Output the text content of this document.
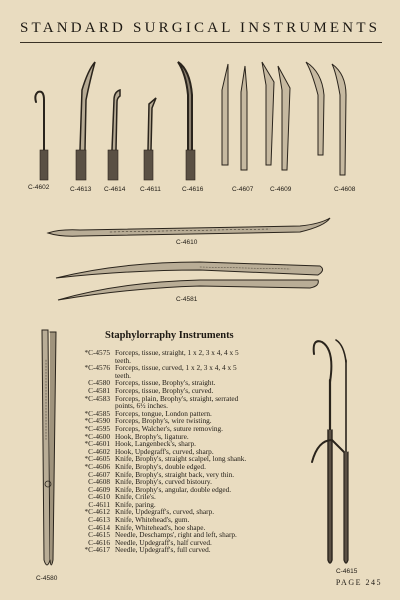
STANDARD SURGICAL INSTRUMENTS
C-4602	C-4613 C-4614 C-4611	C-4616	C-4607	C-4609	C-4608
C-4610
C-4581
C-4580
C-4615
Staphylorraphy Instruments
*C-4575 Forceps, tissue, straight, 1 x 2, 3 x 4, 4 x 5
teeth.
*C-4576 Forceps, tissue, curved, 1 x 2, 3 x 4, 4 x 5
teeth.
C-4580 Forceps, tissue, Brophy's, straight.
C-4581 Forceps, tissue, Brophy's, curved.
*C-4583 Forceps, plain, Brophy's, straight, serrated
points, 6½ inches.
*C-4585 Forceps, tongue, London pattern.
*C-4590 Forceps, Brophy's, wire twisting.
*C-4595 Forceps, Walcher's, suture removing.
*C-4600 Hook, Brophy's, ligature.
*C-4601 Hook, Langenbeck's, sharp.
C-4602 Hook, Updegraff's, curved, sharp.
*C-4605 Knife, Brophy's, straight scalpel, long shank.
*C-4606 Knife, Brophy's, double edged.
C-4607 Knife, Brophy's, straight back, very thin.
C-4608 Knife, Brophy's, curved bistoury.
C-4609 Knife, Brophy's, angular, double edged.
C-4610 Knife, Crile's.
C-4611 Knife, paring.
*C-4612 Knife, Updegraff's, curved, sharp.
C-4613 Knife, Whitehead's, gum.
C-4614 Knife, Whitehead's, hoe shape.
C-4615 Needle, Deschamps', right and left, sharp.
C-4616 Needle, Updegraff's, half curved.
*C-4617 Needle, Updegraff's, full curved.
PAGE 245
